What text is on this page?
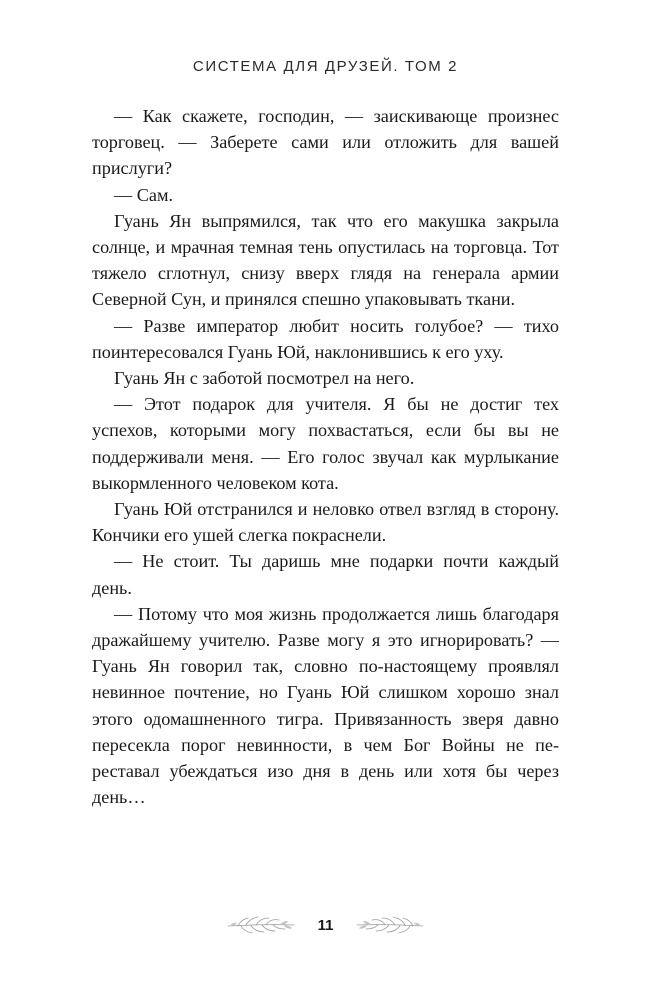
СИСТЕМА ДЛЯ ДРУЗЕЙ. ТОМ 2

— Как скажете, господин, — заискивающе произнес торговец. — Заберете сами или отложить для вашей прислуги?

— Сам.

Гуань Ян выпрямился, так что его макушка закрыла солнце, и мрачная темная тень опустилась на торговца. Тот тяжело сглотнул, снизу вверх глядя на генерала армии Северной Сун, и принялся спешно упаковывать ткани.

— Разве император любит носить голубое? — тихо поинтересовался Гуань Юй, наклонившись к его уху.

Гуань Ян с заботой посмотрел на него.

— Этот подарок для учителя. Я бы не достиг тех успехов, которыми могу похвастаться, если бы вы не поддерживали меня. — Его голос звучал как мурлыкание выкормленного человеком кота.

Гуань Юй отстранился и неловко отвел взгляд в сторону. Кончики его ушей слегка покраснели.

— Не стоит. Ты даришь мне подарки почти каждый день.

— Потому что моя жизнь продолжается лишь благодаря дражайшему учителю. Разве могу я это игнорировать? — Гуань Ян говорил так, словно по-настоящему проявлял невинное почтение, но Гуань Юй слишком хорошо знал этого одомашненного тигра. Привязанность зверя давно пересекла порог невинности, в чем Бог Войны не переставал убеждаться изо дня в день или хотя бы через день…

11
